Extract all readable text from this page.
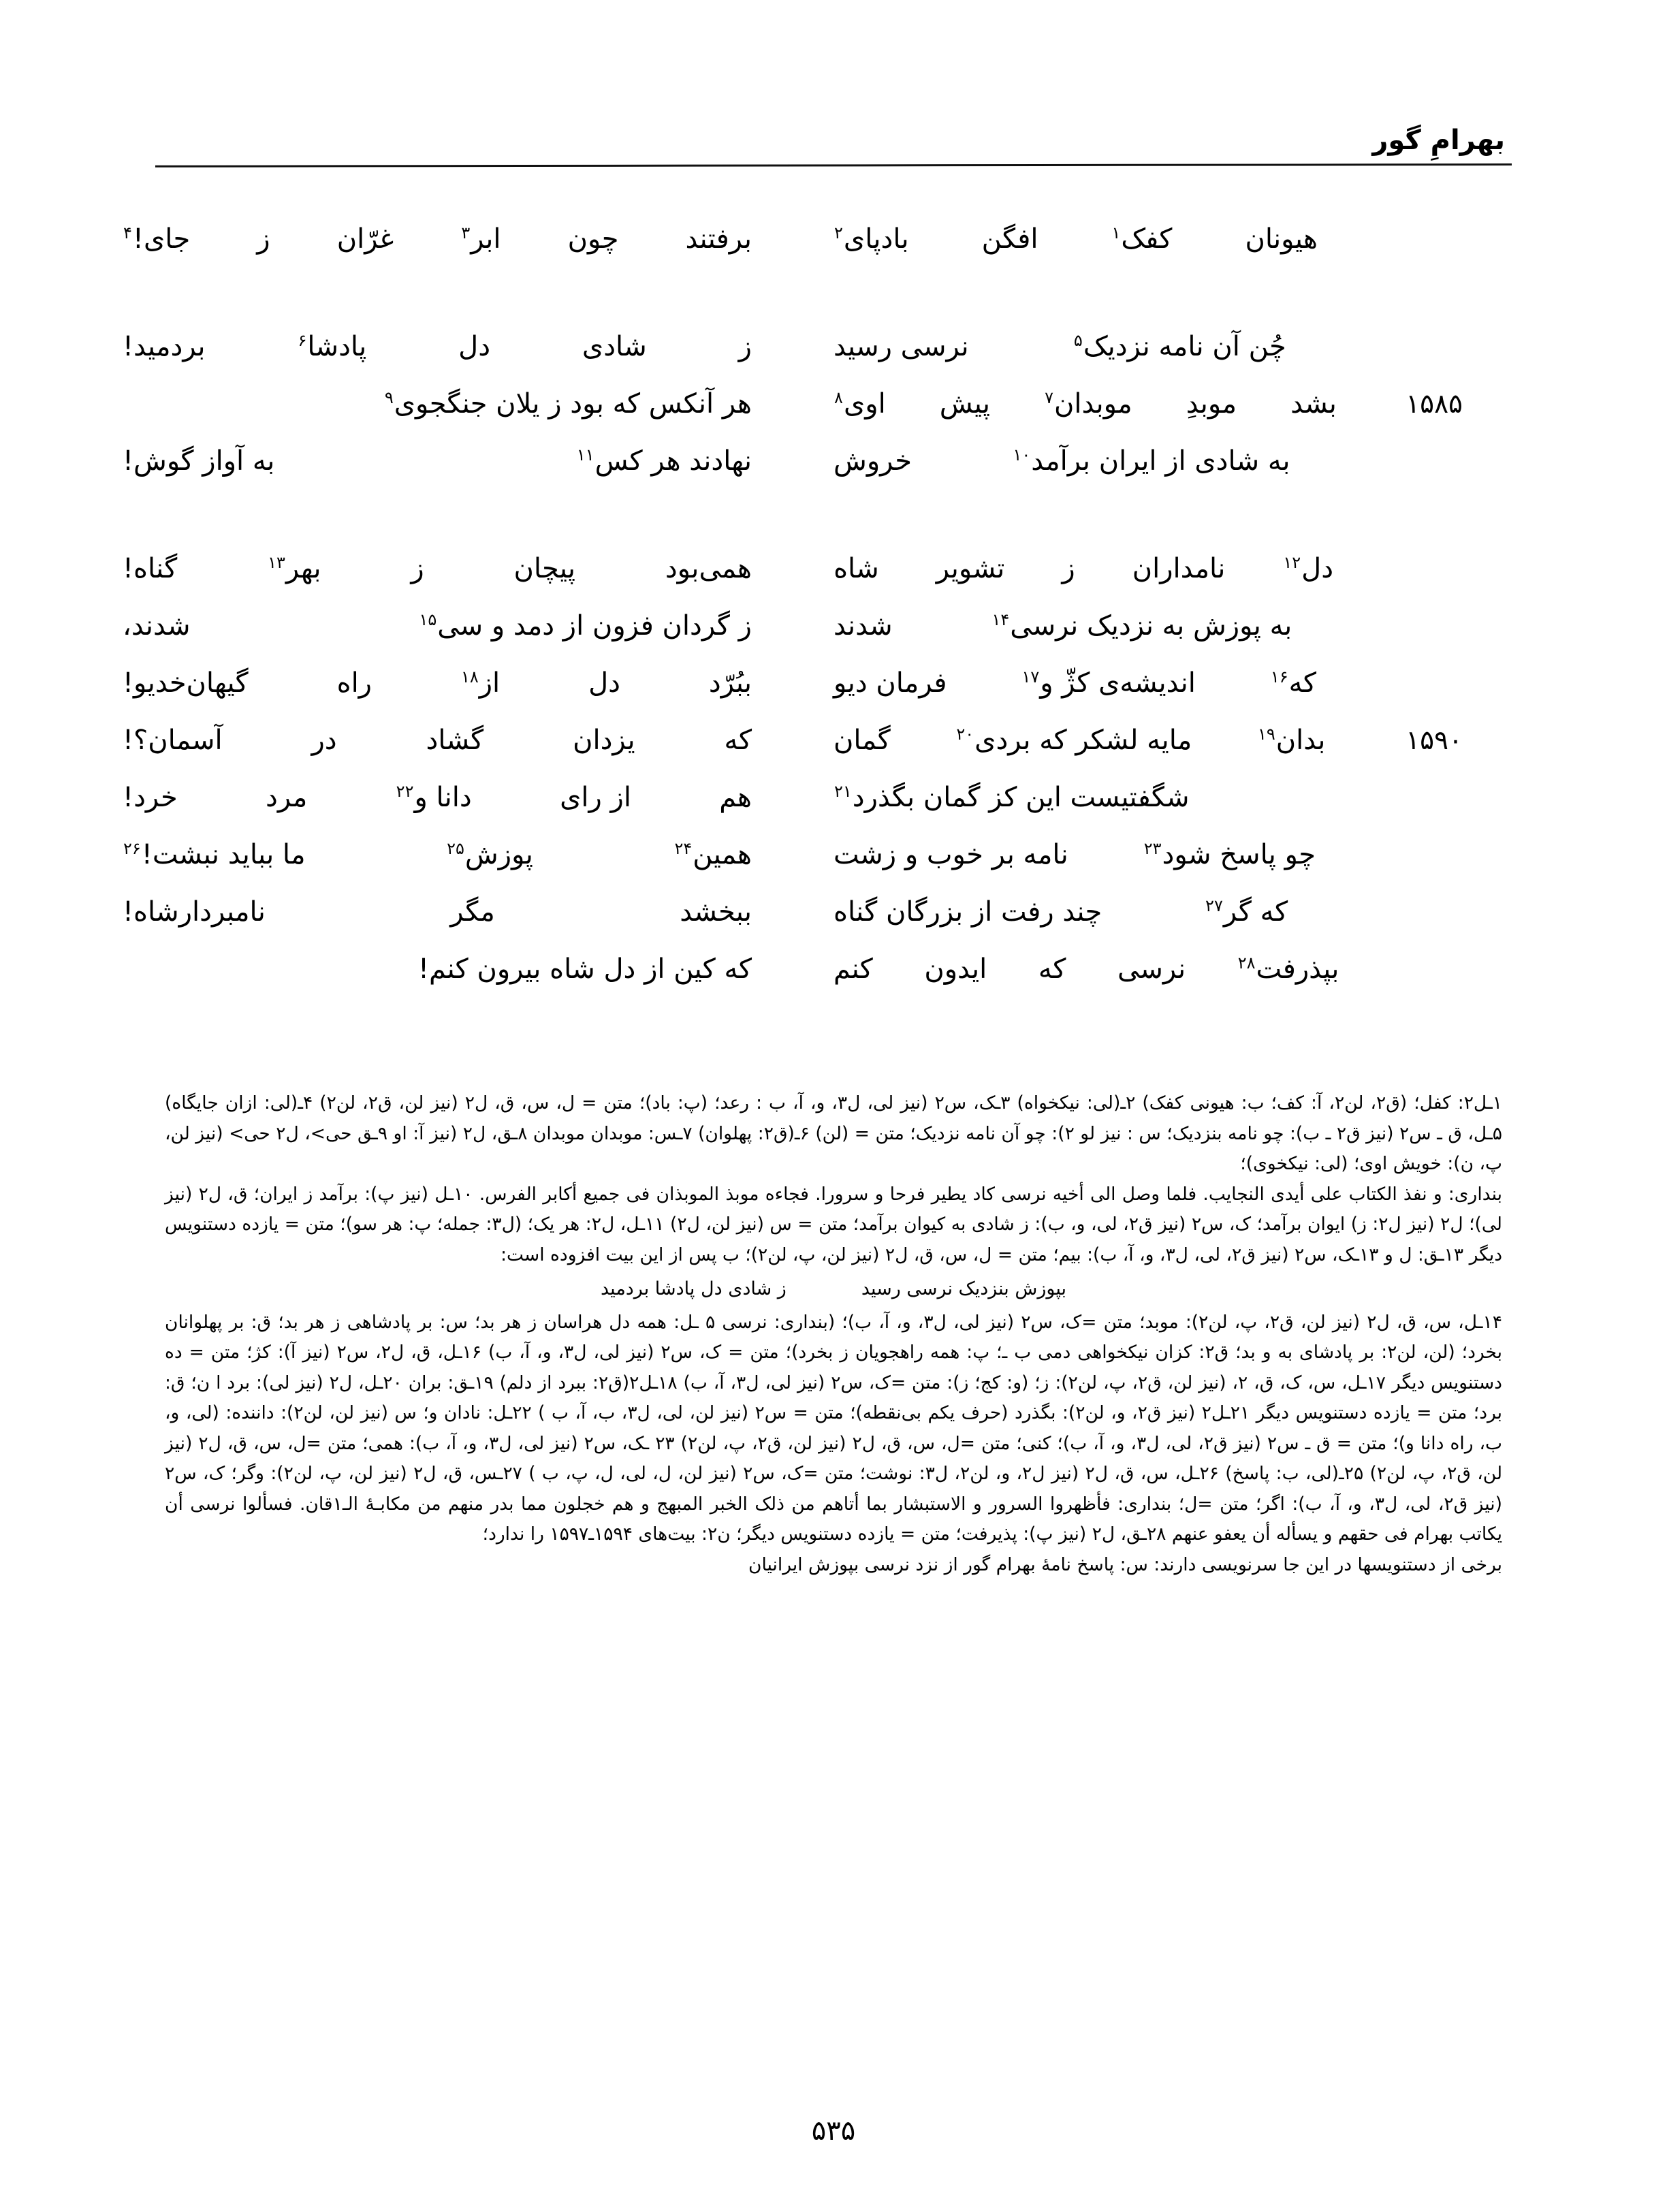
بهرامِ گور

هیونان
کفک$^۱$
افگن
بادپای$^۲$
برفتند
چون
ابر$^۳$
غرّان
ز
جای!$^۴$

چُن آن نامه نزدیک$^۵$
نرسی رسید
ز
شادی
دل
پادشا$^۶$
بردمید!
۱۵۸۵
بشد
موبدِ
موبدان$^۷$
پیش
اوی$^۸$
هر آنکس که بود ز یلان جنگجوی$^۹$

به شادی از ایران برآمد$^{۱۰}$
خروش
نهادند هر کس$^{۱۱}$
به آواز گوش!

دل$^{۱۲}$
نامداران
ز
تشویر
شاه
همی‌بود
پیچان
ز
بهر$^{۱۳}$
گناه!

به پوزش به نزدیک نرسی$^{۱۴}$
شدند
ز گردان فزون از دمد و سی$^{۱۵}$
شدند،

که$^{۱۶}$
اندیشه‌ی کژّ و$^{۱۷}$
فرمان دیو
ببُرّد
دل
از$^{۱۸}$
راه
گیهان‌خدیو!
۱۵۹۰
بدان$^{۱۹}$
مایه لشکر که بردی$^{۲۰}$
گمان
که
یزدان
گشاد
در
آسمان؟!

شگفتیست این کز گمان بگذرد$^{۲۱}$
هم
از رای
دانا و$^{۲۲}$
مرد
خرد!

چو پاسخ شود$^{۲۳}$
نامه بر خوب و زشت
همین$^{۲۴}$
پوزش$^{۲۵}$
ما بباید نبشت!$^{۲۶}$

که گر$^{۲۷}$
چند رفت از بزرگان گناه
ببخشد
مگر
نامبردارشاه!

بپذرفت$^{۲۸}$
نرسی
که
ایدون
کنم
که کین از دل شاه بیرون کنم!

۱ـل۲: کفل؛ (ق۲، لن۲، آ: کف؛ ب: هیونی کفک) ۲ـ(لی: نیکخواه) ۳ـک، س۲ (نیز لی، ل۳، و، آ، ب : رعد؛ (پ: باد)؛ متن = ل، س، ق، ل۲ (نیز لن، ق۲، لن۲) ۴ـ(لی: ازان جایگاه) ۵ـل، ق ـ س۲ (نیز ق۲ ـ ب): چو نامه بنزدیک؛ س : نیز لو ۲): چو آن نامه نزدیک؛ متن = (لن) ۶ـ(ق۲: پهلوان) ۷ـس: موبدان موبدان ۸ـق، ل۲ (نیز آ: او ۹ـق حی>، ل۲ حی> (نیز لن، پ، ن): خویش اوی؛ (لی: نیکخوی)؛

بنداری: و نفذ الکتاب علی أیدی النجایب. فلما وصل الی أخیه نرسی کاد یطیر فرحا و سرورا. فجاءه موبذ الموبذان فی جمیع أکابر الفرس. ۱۰ـل (نیز پ): برآمد ز ایران؛ ق، ل۲ (نیز لی)؛ ل۲ (نیز ل۲: ز) ایوان برآمد؛ ک، س۲ (نیز ق۲، لی، و، ب): ز شادی به کیوان برآمد؛ متن = س (نیز لن، ل۲) ۱۱ـل، ل۲: هر یک؛ (ل۳: جمله؛ پ: هر سو)؛ متن = یازده دستنویس دیگر ۱۳ـق: ل و ۱۳ـک، س۲ (نیز ق۲، لی، ل۳، و، آ، ب): بیم؛ متن = ل، س، ق، ل۲ (نیز لن، پ، لن۲)؛ ب پس از این بیت افزوده است:

بپوزش بنزدیک نرسی رسید ز شادی دل پادشا بردمید

۱۴ـل، س، ق، ل۲ (نیز لن، ق۲، پ، لن۲): موبد؛ متن =ک، س۲ (نیز لی، ل۳، و، آ، ب)؛ (بنداری: نرسی ۵ ـل: همه دل هراسان ز هر بد؛ س: بر پادشاهی ز هر بد؛ ق: بر پهلوانان بخرد؛ (لن، لن۲: بر پادشای به و بد؛ ق۲: کزان نیکخواهی دمی ب ـ؛ پ: همه راهجویان ز بخرد)؛ متن = ک، س۲ (نیز لی، ل۳، و، آ، ب) ۱۶ـل، ق، ل۲، س۲ (نیز آ): کژ؛ متن = ده دستنویس دیگر ۱۷ـل، س، ک، ق، ۲، (نیز لن، ق۲، پ، لن۲): ز؛ (و: کج؛ ز): متن =ک، س۲ (نیز لی، ل۳، آ، ب) ۱۸ـل۲(ق۲: ببرد از دلم) ۱۹ـق: بران ۲۰ـل، ل۲ (نیز لی): برد ا ن؛ ق: برد؛ متن = یازده دستنویس دیگر ۲۱ـل۲ (نیز ق۲، و، لن۲): بگذرد (حرف یکم بی‌نقطه)؛ متن = س۲ (نیز لن، لی، ل۳، ب، آ، ب ) ۲۲ـل: نادان و؛ س (نیز لن، لن۲): داننده: (لی، و، ب، راه دانا و)؛ متن = ق ـ س۲ (نیز ق۲، لی، ل۳، و، آ، ب)؛ کنی؛ متن =ل، س، ق، ل۲ (نیز لن، ق۲، پ، لن۲) ۲۳ ـک، س۲ (نیز لی، ل۳، و، آ، ب): همی؛ متن =ل، س، ق، ل۲ (نیز لن، ق۲، پ، لن۲) ۲۵ـ(لی، ب: پاسخ) ۲۶ـل، س، ق، ل۲ (نیز ل۲، و، لن۲، ل۳: نوشت؛ متن =ک، س۲ (نیز لن، ل، لی، ل، پ، ب ) ۲۷ـس، ق، ل۲ (نیز لن، پ، لن۲): وگر؛ ک، س۲ (نیز ق۲، لی، ل۳، و، آ، ب): اگر؛ متن =ل؛ بنداری: فأظهروا السرور و الاستبشار بما أتاهم من ذلک الخبر المبهج و هم خجلون مما بدر منهم من مکابـۀ الـ۱قان. فسألوا نرسی أن یکاتب بهرام فی حقهم و یسأله أن یعفو عنهم ۲۸ـق، ل۲ (نیز پ): پذیرفت؛ متن = یازده دستنویس دیگر؛ ن۲: بیت‌های ۱۵۹۴ـ۱۵۹۷ را ندارد؛

برخی از دستنویسها در این جا سرنویسی دارند: س: پاسخ نامۀ بهرام گور از نزد نرسی بپوزش ایرانیان

۵۳۵
